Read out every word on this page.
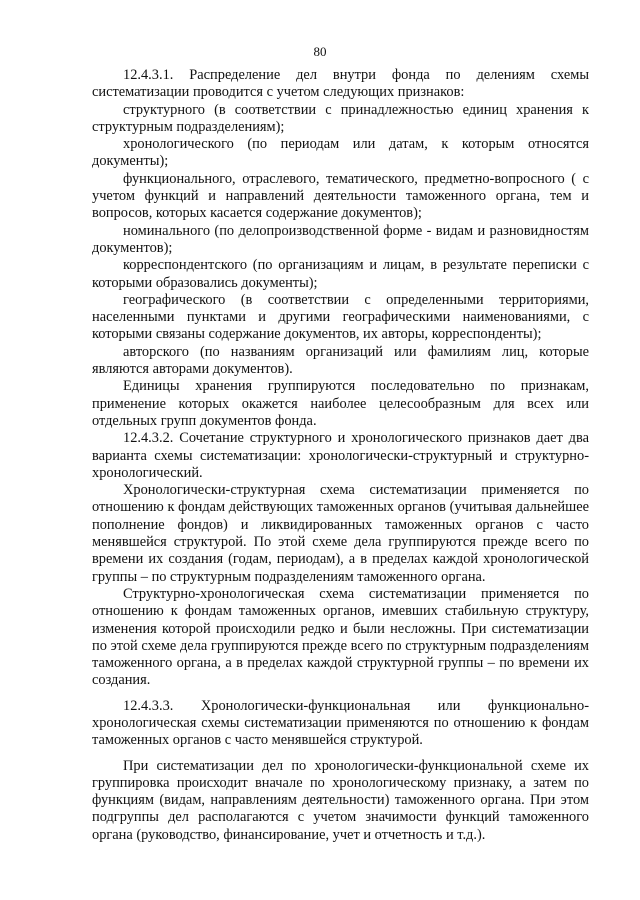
80

12.4.3.1. Распределение дел внутри фонда по делениям схемы систематизации проводится с учетом следующих признаков:

структурного (в соответствии с принадлежностью единиц хранения к структурным подразделениям);

хронологического (по периодам или датам, к которым относятся документы);

функционального, отраслевого, тематического, предметно-вопросного ( с учетом функций и направлений деятельности таможенного органа, тем и вопросов, которых касается содержание документов);

номинального (по делопроизводственной форме - видам и разновидностям документов);

корреспондентского (по организациям и лицам, в результате переписки с которыми образовались документы);

географического (в соответствии с определенными территориями, населенными пунктами и другими географическими наименованиями, с которыми связаны содержание документов, их авторы, корреспонденты);

авторского (по названиям организаций или фамилиям лиц, которые являются авторами документов).

Единицы хранения группируются последовательно по признакам, применение которых окажется наиболее целесообразным для всех или отдельных групп документов фонда.

12.4.3.2. Сочетание структурного и хронологического признаков дает два варианта схемы систематизации: хронологически-структурный и структурно-хронологический.

Хронологически-структурная схема систематизации применяется по отношению к фондам действующих таможенных органов (учитывая дальнейшее пополнение фондов) и ликвидированных таможенных органов с часто менявшейся структурой. По этой схеме дела группируются прежде всего по времени их создания (годам, периодам), а в пределах каждой хронологической группы – по структурным подразделениям таможенного органа.

Структурно-хронологическая схема систематизации применяется по отношению к фондам таможенных органов, имевших стабильную структуру, изменения которой происходили редко и были несложны. При систематизации по этой схеме дела группируются прежде всего по структурным подразделениям таможенного органа, а в пределах каждой структурной группы – по времени их создания.

12.4.3.3. Хронологически-функциональная или функционально-хронологическая схемы систематизации применяются по отношению к фондам таможенных органов с часто менявшейся структурой.

При систематизации дел по хронологически-функциональной схеме их группировка происходит вначале по хронологическому признаку, а затем по функциям (видам, направлениям деятельности) таможенного органа. При этом подгруппы дел располагаются с учетом значимости функций таможенного органа (руководство, финансирование, учет и отчетность и т.д.).
